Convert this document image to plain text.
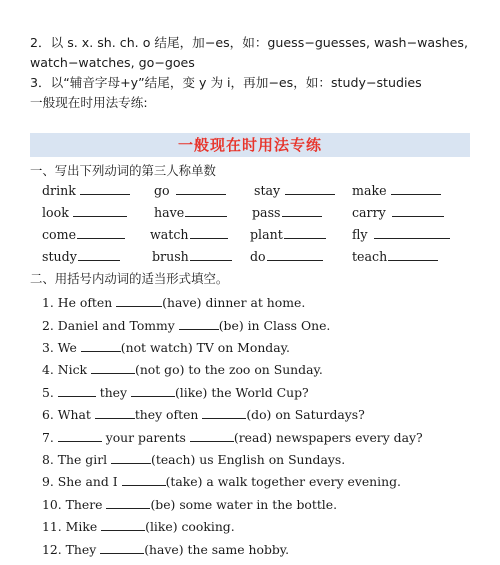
2．以 s. x. sh. ch. o 结尾，加−es，如：guess−guesses, wash−washes,
watch−watches, go−goes
3．以“辅音字母+y”结尾，变 y 为 i，再加−es，如：study−studies
一般现在时用法专练:
一般现在时用法专练
一、写出下列动词的第三人称单数
drink	go	stay	make
look	have	pass	carry
come	watch	plant	fly
study	brush	do	teach
二、用括号内动词的适当形式填空。
1. He often	(have) dinner at home.
2. Daniel and Tommy	(be) in Class One.
3. We	(not watch) TV on Monday.
4. Nick	(not go) to the zoo on Sunday.
5.	they	(like) the World Cup?
6. What	they often	(do) on Saturdays?
7.	your parents	(read) newspapers every day?
8. The girl	(teach) us English on Sundays.
9. She and I	(take) a walk together every evening.
10. There	(be) some water in the bottle.
11. Mike	(like) cooking.
12. They	(have) the same hobby.
